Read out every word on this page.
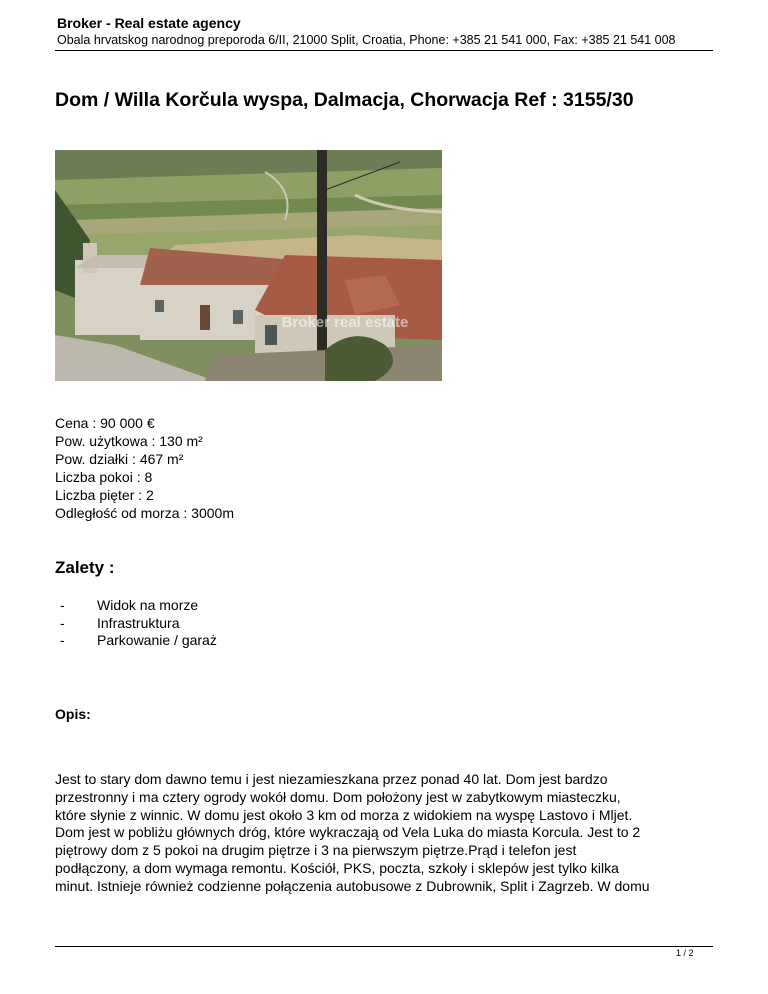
Broker - Real estate agency
Obala hrvatskog narodnog preporoda 6/II, 21000 Split, Croatia, Phone: +385 21 541 000, Fax: +385 21 541 008
Dom / Willa Korčula wyspa, Dalmacja, Chorwacja Ref : 3155/30
Broker real estate
Cena : 90 000 €
Pow. użytkowa : 130 m²
Pow. działki : 467 m²
Liczba pokoi : 8
Liczba pięter : 2
Odległość od morza : 3000m
Zalety :
- Widok na morze
- Infrastruktura
- Parkowanie / garaż
Opis:
Jest to stary dom dawno temu i jest niezamieszkana przez ponad 40 lat. Dom jest bardzo
przestronny i ma cztery ogrody wokół domu. Dom położony jest w zabytkowym miasteczku,
które słynie z winnic. W domu jest około 3 km od morza z widokiem na wyspę Lastovo i Mljet.
Dom jest w pobliżu głównych dróg, które wykraczają od Vela Luka do miasta Korcula. Jest to 2
piętrowy dom z 5 pokoi na drugim piętrze i 3 na pierwszym piętrze.Prąd i telefon jest
podłączony, a dom wymaga remontu. Kościół, PKS, poczta, szkoły i sklepów jest tylko kilka
minut. Istnieje również codzienne połączenia autobusowe z Dubrownik, Split i Zagrzeb. W domu
1 / 2
